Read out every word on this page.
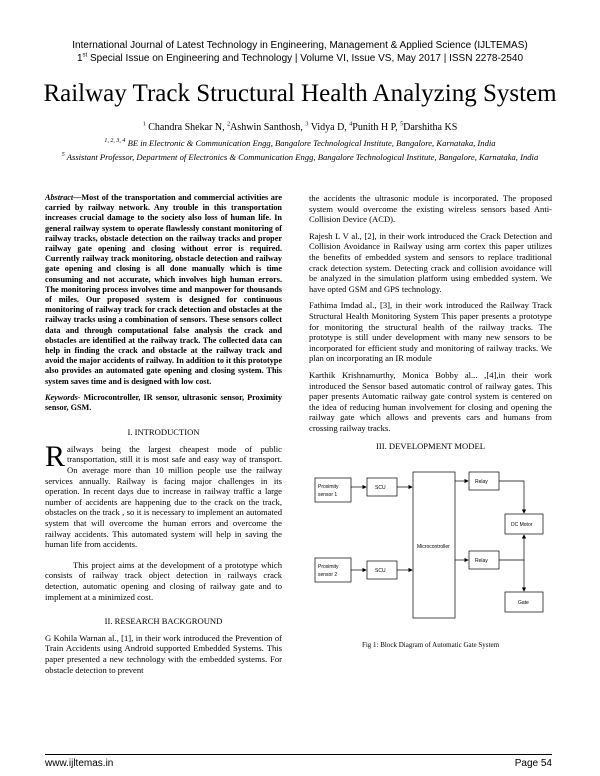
International Journal of Latest Technology in Engineering, Management & Applied Science (IJLTEMAS)
1st Special Issue on Engineering and Technology | Volume VI, Issue VS, May 2017 | ISSN 2278-2540
Railway Track Structural Health Analyzing System
$^1$ Chandra Shekar N, $^2$Ashwin Santhosh, $^3$ Vidya D, $^4$Punith H P, $^5$Darshitha KS
$^{1, 2, 3, 4}$ BE in Electronic & Communication Engg, Bangalore Technological Institute, Bangalore, Karnataka, India
$^5$ Assistant Professor, Department of Electronics & Communication Engg, Bangalore Technological Institute, Bangalore, Karnataka, India
Abstract—Most of the transportation and commercial activities are carried by railway network. Any trouble in this transportation increases crucial damage to the society also loss of human life. In general railway system to operate flawlessly constant monitoring of railway tracks, obstacle detection on the railway tracks and proper railway gate opening and closing without error is required. Currently railway track monitoring, obstacle detection and railway gate opening and closing is all done manually which is time consuming and not accurate, which involves high human errors. The monitoring process involves time and manpower for thousands of miles. Our proposed system is designed for continuous monitoring of railway track for crack detection and obstacles at the railway tracks using a combination of sensors. These sensors collect data and through computational false analysis the crack and obstacles are identified at the railway track. The collected data can help in finding the crack and obstacle at the railway track and avoid the major accidents of railway. In addition to it this prototype also provides an automated gate opening and closing system. This system saves time and is designed with low cost.
Keywords- Microcontroller, IR sensor, ultrasonic sensor, Proximity sensor, GSM.
I. INTRODUCTION
Railways being the largest cheapest mode of public transportation, still it is most safe and easy way of transport. On average more than 10 million people use the railway services annually. Railway is facing major challenges in its operation. In recent days due to increase in railway traffic a large number of accidents are happening due to the crack on the track, obstacles on the track , so it is necessary to implement an automated system that will overcome the human errors and overcome the railway accidents. This automated system will help in saving the human life from accidents.
This project aims at the development of a prototype which consists of railway track object detection in railways crack detection, automatic opening and closing of railway gate and to implement at a minimized cost.
II. RESEARCH BACKGROUND
G Kohila Warnan al., [1], in their work introduced the Prevention of Train Accidents using Android supported Embedded Systems. This paper presented a new technology with the embedded systems. For obstacle detection to prevent
the accidents the ultrasonic module is incorporated. The proposed system would overcome the existing wireless sensors based Anti- Collision Device (ACD).
Rajesh L V al., [2], in their work introduced the Crack Detection and Collision Avoidance in Railway using arm cortex this paper utilizes the benefits of embedded system and sensors to replace traditional crack detection system. Detecting crack and collision avoidance will be analyzed in the simulation platform using embedded system. We have opted GSM and GPS technology.
Fathima Imdad al., [3], in their work introduced the Railway Track Structural Health Monitoring System This paper presents a prototype for monitoring the structural health of the railway tracks. The prototype is still under development with many new sensors to be incorporated for efficient study and monitoring of railway tracks. We plan on incorporating an IR module
Karthik Krishnamurthy, Monica Bobby al... ,[4],in their work introduced the Sensor based automatic control of railway gates. This paper presents Automatic railway gate control system is centered on the idea of reducing human involvement for closing and opening the railway gate which allows and prevents cars and humans from crossing railway tracks.
III. DEVELOPMENT MODEL
Proximity
sensor 1
SCU
Proximity
sensor 2
SCU
Microcontroller
Relay
Relay
DC Motor
Gate
Fig 1: Block Diagram of Automatic Gate System
www.ijltemas.in	Page 54
